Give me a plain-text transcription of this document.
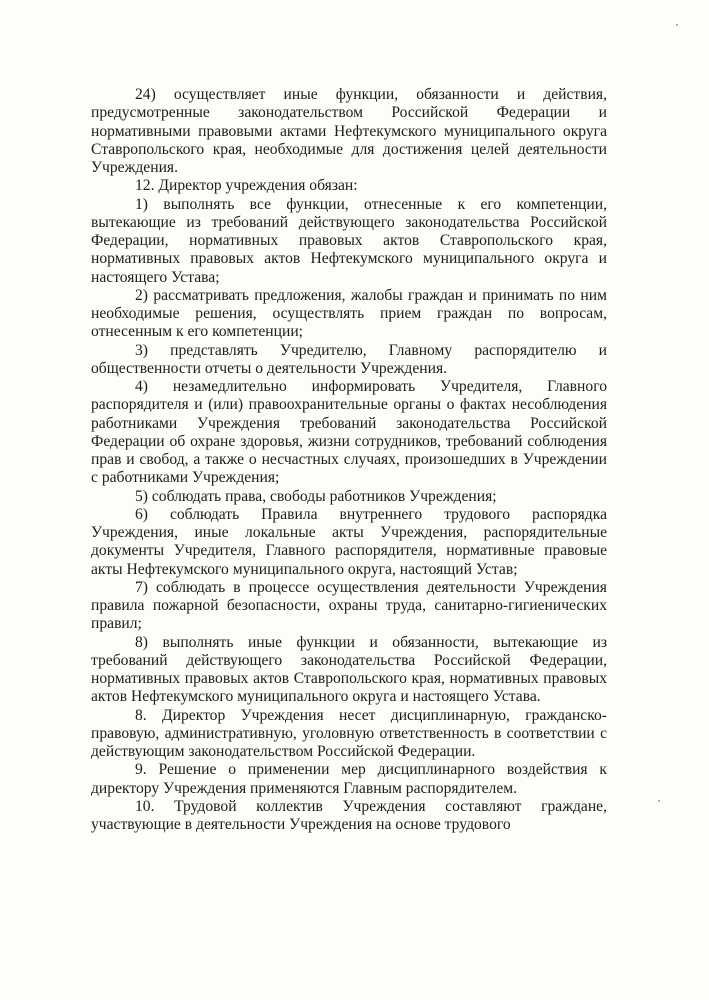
24) осуществляет иные функции, обязанности и действия, предусмотренные законодательством Российской Федерации и нормативными правовыми актами Нефтекумского муниципального округа Ставропольского края, необходимые для достижения целей деятельности Учреждения.

12. Директор учреждения обязан:

1) выполнять все функции, отнесенные к его компетенции, вытекающие из требований действующего законодательства Российской Федерации, нормативных правовых актов Ставропольского края, нормативных правовых актов Нефтекумского муниципального округа и настоящего Устава;

2) рассматривать предложения, жалобы граждан и принимать по ним необходимые решения, осуществлять прием граждан по вопросам, отнесенным к его компетенции;

3) представлять Учредителю, Главному распорядителю и общественности отчеты о деятельности Учреждения.

4) незамедлительно информировать Учредителя, Главного распорядителя и (или) правоохранительные органы о фактах несоблюдения работниками Учреждения требований законодательства Российской Федерации об охране здоровья, жизни сотрудников, требований соблюдения прав и свобод, а также о несчастных случаях, произошедших в Учреждении с работниками Учреждения;

5) соблюдать права, свободы работников Учреждения;

6) соблюдать Правила внутреннего трудового распорядка Учреждения, иные локальные акты Учреждения, распорядительные документы Учредителя, Главного распорядителя, нормативные правовые акты Нефтекумского муниципального округа, настоящий Устав;

7) соблюдать в процессе осуществления деятельности Учреждения правила пожарной безопасности, охраны труда, санитарно-гигиенических правил;

8) выполнять иные функции и обязанности, вытекающие из требований действующего законодательства Российской Федерации, нормативных правовых актов Ставропольского края, нормативных правовых актов Нефтекумского муниципального округа и настоящего Устава.

8. Директор Учреждения несет дисциплинарную, гражданско-правовую, административную, уголовную ответственность в соответствии с действующим законодательством Российской Федерации.

9. Решение о применении мер дисциплинарного воздействия к директору Учреждения применяются Главным распорядителем.

10. Трудовой коллектив Учреждения составляют граждане, участвующие в деятельности Учреждения на основе трудового
